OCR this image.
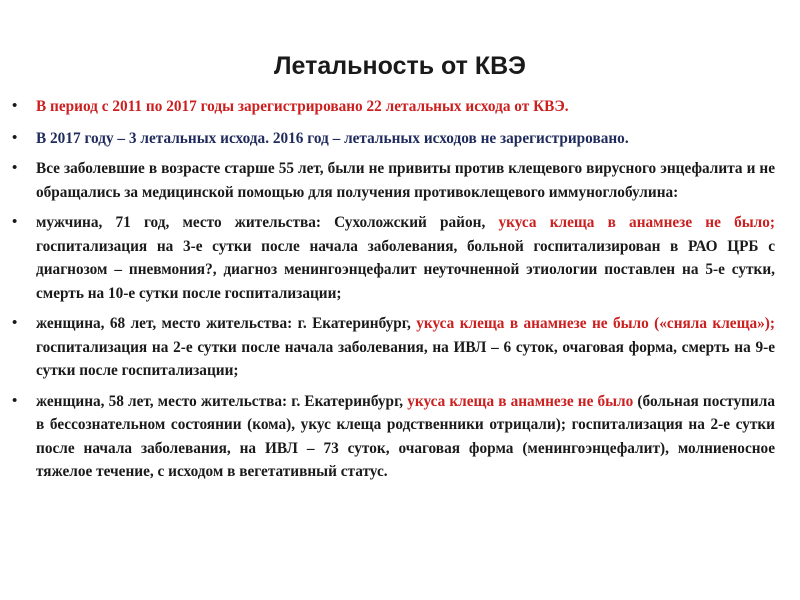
Летальность от КВЭ
• В период с 2011 по 2017 годы зарегистрировано 22 летальных исхода от КВЭ.
• В 2017 году – 3 летальных исхода. 2016 год – летальных исходов не зарегистрировано.
• Все заболевшие в возрасте старше 55 лет, были не привиты против клещевого вирусного энцефалита и не обращались за медицинской помощью для получения противоклещевого иммуноглобулина:
• мужчина, 71 год, место жительства: Сухоложский район, укуса клеща в анамнезе не было; госпитализация на 3-е сутки после начала заболевания, больной госпитализирован в РАО ЦРБ с диагнозом – пневмония?, диагноз менингоэнцефалит неуточненной этиологии поставлен на 5-е сутки, смерть на 10-е сутки после госпитализации;
• женщина, 68 лет, место жительства: г. Екатеринбург, укуса клеща в анамнезе не было («сняла клеща»); госпитализация на 2-е сутки после начала заболевания, на ИВЛ – 6 суток, очаговая форма, смерть на 9-е сутки после госпитализации;
• женщина, 58 лет, место жительства: г. Екатеринбург, укуса клеща в анамнезе не было (больная поступила в бессознательном состоянии (кома), укус клеща родственники отрицали); госпитализация на 2-е сутки после начала заболевания, на ИВЛ – 73 суток, очаговая форма (менингоэнцефалит), молниеносное тяжелое течение, с исходом в вегетативный статус.
